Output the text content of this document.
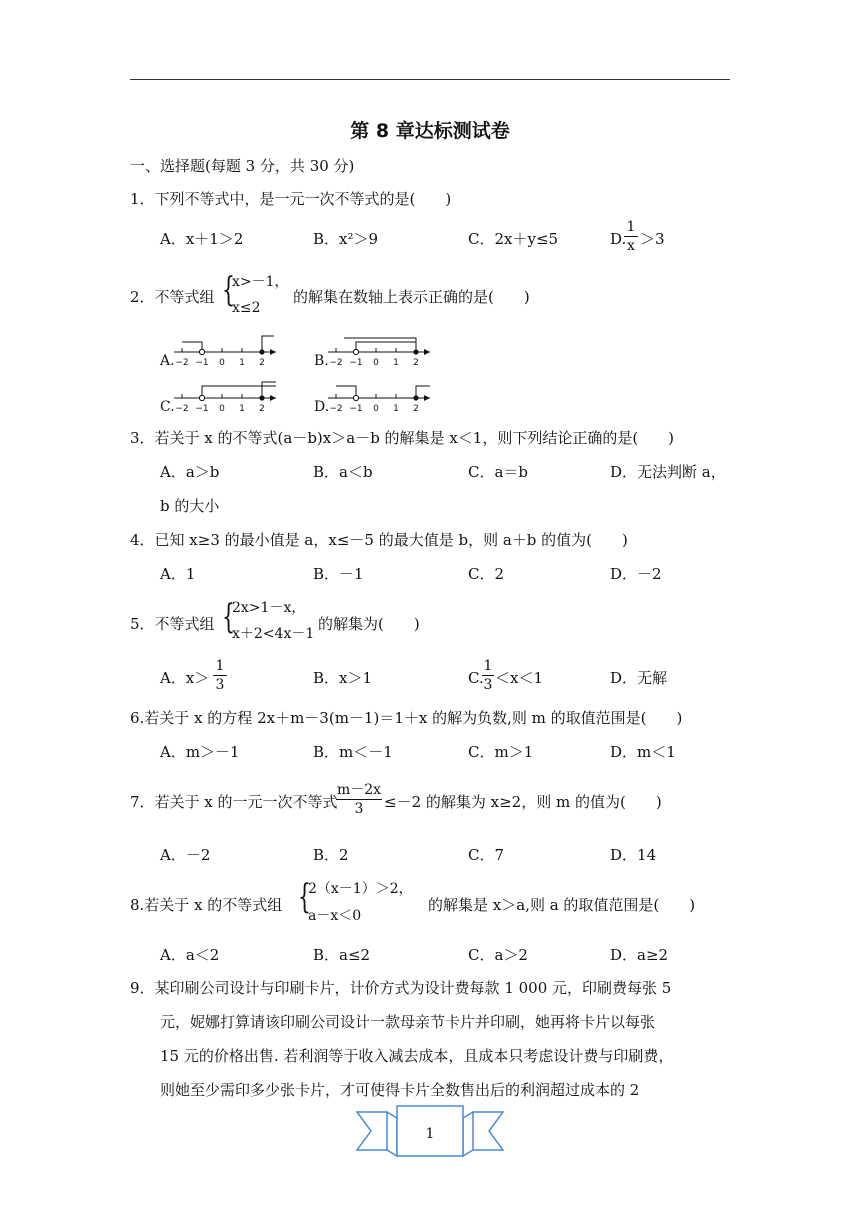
第 8 章达标测试卷
一、选择题(每题 3 分，共 30 分)
1．下列不等式中，是一元一次不等式的是(　　)
A．x＋1＞2	B．x²＞9	C．2x＋y≤5	D.
$\frac{1}{x} >3$
2．不等式组 {
x>－1，
x≤2
的解集在数轴上表示正确的是(　　)
A.	B.
C.	D.
−2 −1 0 1 2	−2 −1 0 1 2
−2 −1 0 1 2	−2 −1 0 1 2
3．若关于 x 的不等式(a－b)x＞a－b 的解集是 x＜1，则下列结论正确的是(　　)
A．a＞b	B．a＜b	C．a＝b	D．无法判断 a，
b 的大小
4．已知 x≥3 的最小值是 a，x≤－5 的最大值是 b，则 a＋b 的值为(　　)
A．1	B．－1	C．2	D．－2
5．不等式组 {
2x>1－x，
x＋2<4x－1
的解集为(　　)
A．$x> \frac{1}{3}$	B．x＞1	C.
$\frac{1}{3} <x<1$	D．无解
6.若关于 x 的方程 2x＋m－3(m－1)＝1＋x 的解为负数,则 m 的取值范围是(　　)
A．m＞－1	B．m＜－1	C．m＞1	D．m＜1
7．若关于 x 的一元一次不等式
$\frac{m-2x}{3} \le-2$ 的解集为 x≥2，则 m 的值为(　　)
A．－2	B．2	C．7	D．14
8.若关于 x 的不等式组 {
2（x－1）＞2，
a－x＜0
的解集是 x＞a,则 a 的取值范围是(　　)
A．a＜2	B．a≤2	C．a＞2	D．a≥2
9．某印刷公司设计与印刷卡片，计价方式为设计费每款 1 000 元，印刷费每张 5
元，妮娜打算请该印刷公司设计一款母亲节卡片并印刷，她再将卡片以每张
15 元的价格出售. 若利润等于收入减去成本，且成本只考虑设计费与印刷费，
则她至少需印多少张卡片，才可使得卡片全数售出后的利润超过成本的 2
1
